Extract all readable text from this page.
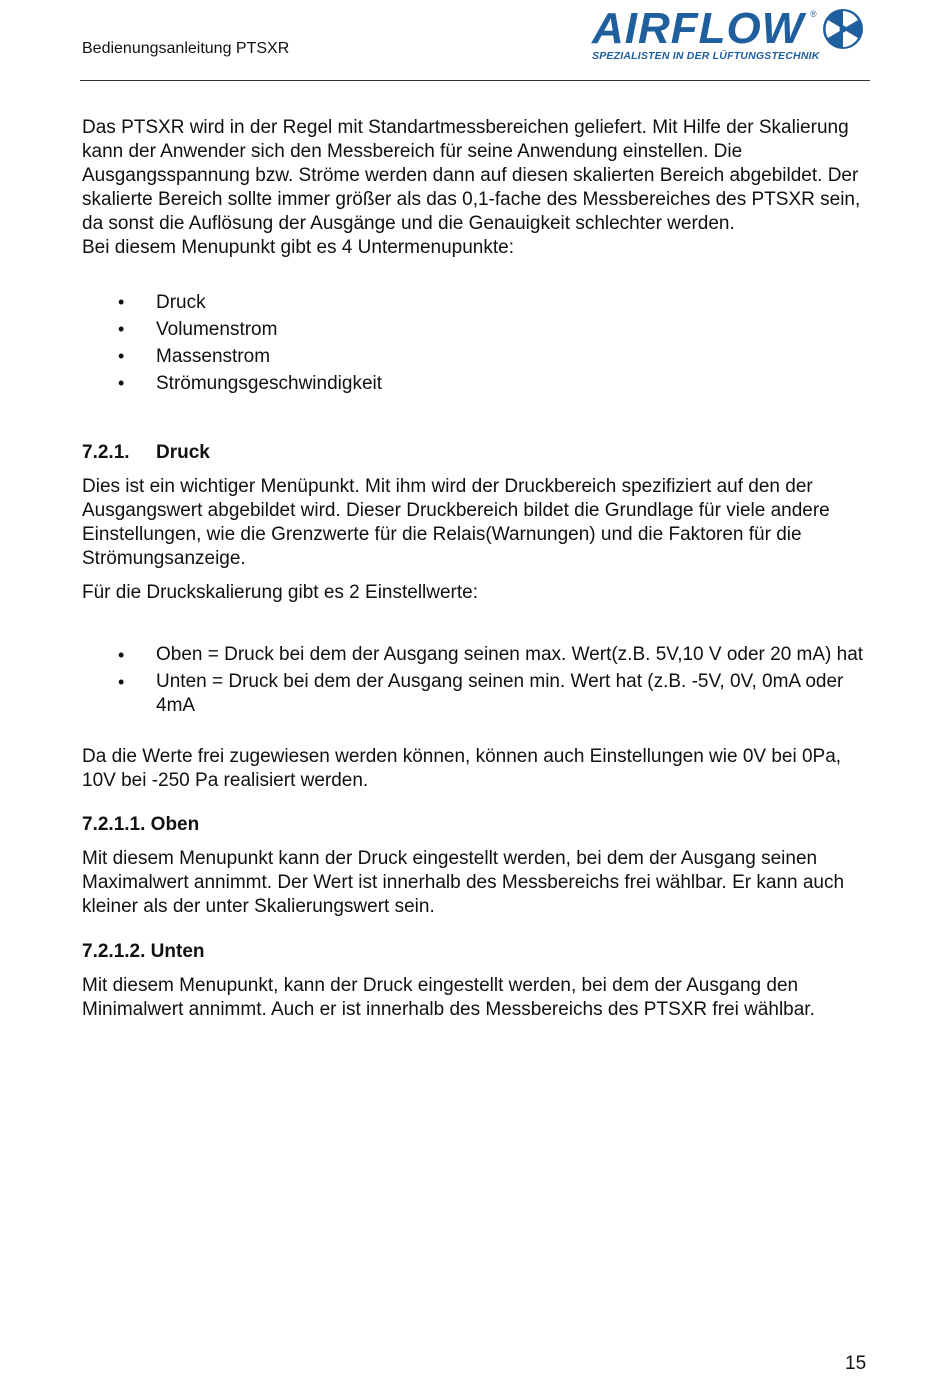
Bedienungsanleitung PTSXR	AIRFLOW ®
SPEZIALISTEN IN DER LÜFTUNGSTECHNIK

Das PTSXR wird in der Regel mit Standartmessbereichen geliefert. Mit Hilfe der Skalierung kann der Anwender sich den Messbereich für seine Anwendung einstellen. Die Ausgangsspannung bzw. Ströme werden dann auf diesen skalierten Bereich abgebildet. Der skalierte Bereich sollte immer größer als das 0,1-fache des Messbereiches des PTSXR sein, da sonst die Auflösung der Ausgänge und die Genauigkeit schlechter werden.

Bei diesem Menupunkt gibt es 4 Untermenupunkte:

• Druck
• Volumenstrom
• Massenstrom
• Strömungsgeschwindigkeit
7.2.1. Druck

Dies ist ein wichtiger Menüpunkt. Mit ihm wird der Druckbereich spezifiziert auf den der Ausgangswert abgebildet wird. Dieser Druckbereich bildet die Grundlage für viele andere Einstellungen, wie die Grenzwerte für die Relais(Warnungen) und die Faktoren für die Strömungsanzeige.

Für die Druckskalierung gibt es 2 Einstellwerte:

• Oben = Druck bei dem der Ausgang seinen max. Wert(z.B. 5V,10 V oder 20 mA) hat
• Unten = Druck bei dem der Ausgang seinen min. Wert hat (z.B. -5V, 0V, 0mA oder 4mA

Da die Werte frei zugewiesen werden können, können auch Einstellungen wie 0V bei 0Pa, 10V bei -250 Pa realisiert werden.

7.2.1.1. Oben

Mit diesem Menupunkt kann der Druck eingestellt werden, bei dem der Ausgang seinen Maximalwert annimmt. Der Wert ist innerhalb des Messbereichs frei wählbar. Er kann auch kleiner als der unter Skalierungswert sein.

7.2.1.2. Unten

Mit diesem Menupunkt, kann der Druck eingestellt werden, bei dem der Ausgang den Minimalwert annimmt. Auch er ist innerhalb des Messbereichs des PTSXR frei wählbar.

15
